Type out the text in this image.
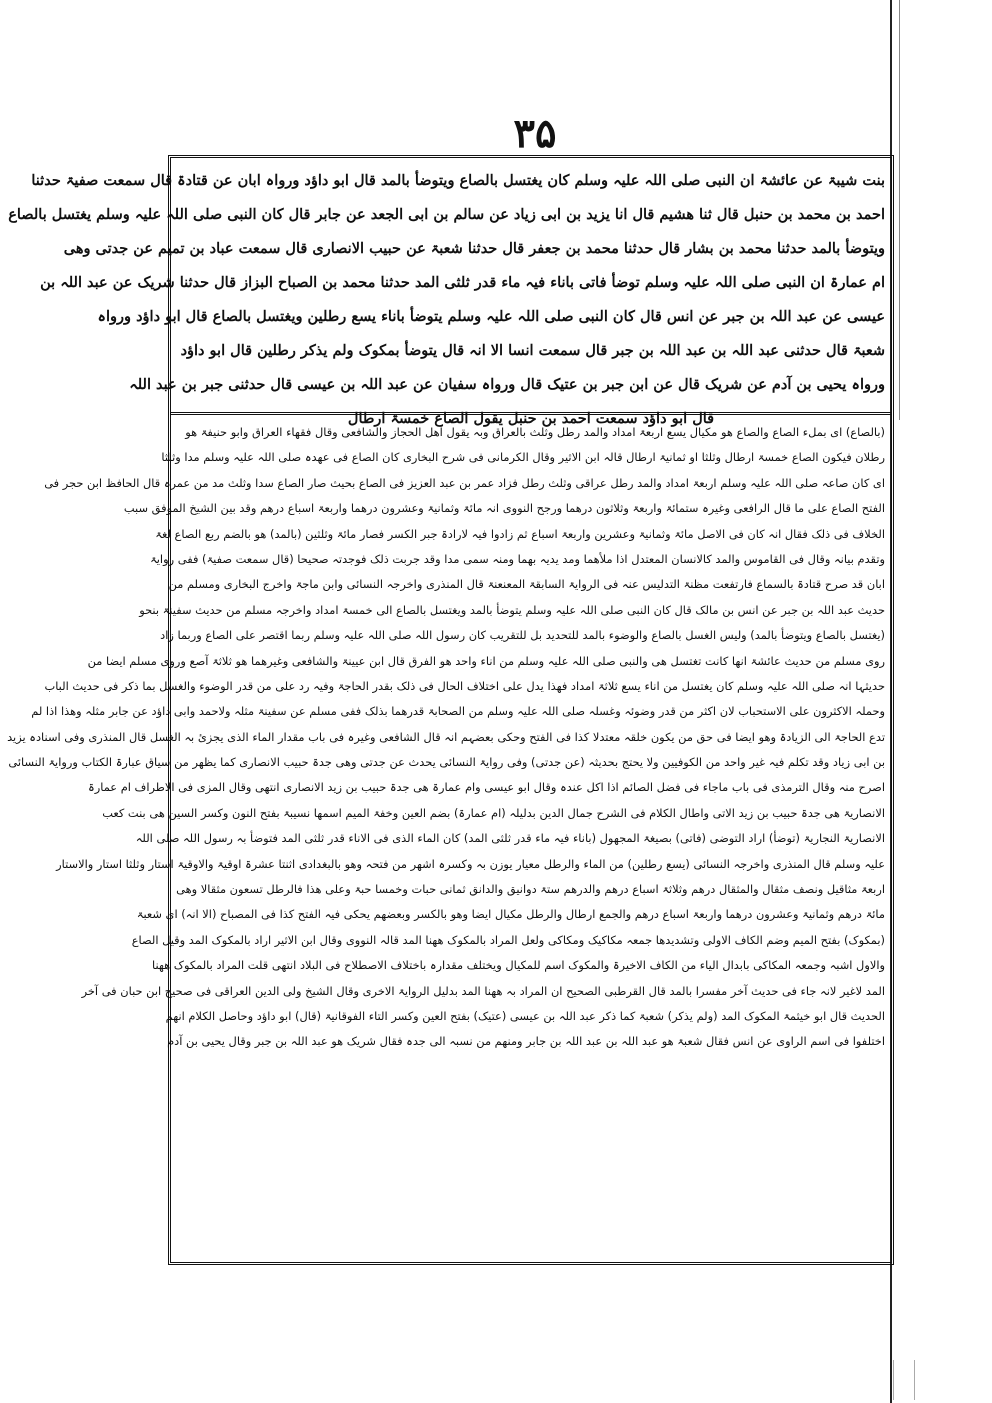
۳۵
بنت شیبۃ عن عائشۃ ان النبی صلی اللہ علیہ وسلم کان یغتسل بالصاع ویتوضأ بالمد قال ابو داؤد ورواہ ابان عن قتادۃ قال سمعت صفیۃ حدثنا
احمد بن محمد بن حنبل قال ثنا ھشیم قال انا یزید بن ابی زیاد عن سالم بن ابی الجعد عن جابر قال کان النبی صلی اللہ علیہ وسلم یغتسل بالصاع
ویتوضأ بالمد حدثنا محمد بن بشار قال حدثنا محمد بن جعفر قال حدثنا شعبۃ عن حبیب الانصاری قال سمعت عباد بن تمیم عن جدتی وھی
ام عمارۃ ان النبی صلی اللہ علیہ وسلم توضأ فاتی باناء فیہ ماء قدر ثلثی المد حدثنا محمد بن الصباح البزاز قال حدثنا شریک عن عبد اللہ بن
عیسی عن عبد اللہ بن جبر عن انس قال کان النبی صلی اللہ علیہ وسلم یتوضأ باناء یسع رطلین ویغتسل بالصاع قال ابو داؤد ورواہ
شعبۃ قال حدثنی عبد اللہ بن عبد اللہ بن جبر قال سمعت انسا الا انہ قال یتوضأ بمکوک ولم یذکر رطلین قال ابو داؤد
ورواہ یحیی بن آدم عن شریک قال عن ابن جبر بن عتیک قال ورواہ سفیان عن عبد اللہ بن عیسی قال حدثنی جبر بن عبد اللہ
قال ابو داؤد سمعت احمد بن حنبل یقول الصاع خمسۃ ارطال
(بالصاع) ای بملء الصاع والصاع ھو مکیال یسع اربعۃ امداد والمد رطل وثلث بالعراق وبہ یقول اھل الحجاز والشافعی وقال فقھاء العراق وابو حنیفۃ ھو
رطلان فیکون الصاع خمسۃ ارطال وثلثا او ثمانیۃ ارطال قالہ ابن الاثیر وقال الکرمانی فی شرح البخاری کان الصاع فی عھدہ صلی اللہ علیہ وسلم مدا وثلثا
ای کان صاعہ صلی اللہ علیہ وسلم اربعۃ امداد والمد رطل عراقی وثلث رطل فزاد عمر بن عبد العزیز فی الصاع بحیث صار الصاع سدا وثلث مد من عمرہ قال الحافظ ابن حجر فی
الفتح الصاع علی ما قال الرافعی وغیرہ ستمائۃ واربعۃ وثلاثون درھما ورجح النووی انہ مائۃ وثمانیۃ وعشرون درھما واربعۃ اسباع درھم وقد بین الشیخ الموفق سبب
الخلاف فی ذلک فقال انہ کان فی الاصل مائۃ وثمانیۃ وعشرین واربعۃ اسباع ثم زادوا فیہ لارادۃ جبر الکسر فصار مائۃ وثلثین (بالمد) ھو بالضم ربع الصاع لغۃ
وتقدم بیانہ وقال فی القاموس والمد کالانسان المعتدل اذا ملأھما ومد یدیہ بھما ومنہ سمی مدا وقد جربت ذلک فوجدتہ صحیحا (قال سمعت صفیۃ) ففی روایۃ
ابان قد صرح قتادۃ بالسماع فارتفعت مظنۃ التدلیس عنہ فی الروایۃ السابقۃ المعنعنۃ قال المنذری واخرجہ النسائی وابن ماجۃ واخرج البخاری ومسلم من
حدیث عبد اللہ بن جبر عن انس بن مالک قال کان النبی صلی اللہ علیہ وسلم یتوضأ بالمد ویغتسل بالصاع الی خمسۃ امداد واخرجہ مسلم من حدیث سفینۃ بنحو
(یغتسل بالصاع ویتوضأ بالمد) ولیس الغسل بالصاع والوضوء بالمد للتحدید بل للتقریب کان رسول اللہ صلی اللہ علیہ وسلم ربما اقتصر علی الصاع وربما زاد
روی مسلم من حدیث عائشۃ انھا کانت تغتسل ھی والنبی صلی اللہ علیہ وسلم من اناء واحد ھو الفرق قال ابن عیینۃ والشافعی وغیرھما ھو ثلاثۃ آصع وروی مسلم ایضا من
حدیثہا انہ صلی اللہ علیہ وسلم کان یغتسل من اناء یسع ثلاثۃ امداد فھذا یدل علی اختلاف الحال فی ذلک بقدر الحاجۃ وفیہ رد علی من قدر الوضوء والغسل بما ذکر فی حدیث الباب
وحملہ الاکثرون علی الاستحباب لان اکثر من قدر وضوئہ وغسلہ صلی اللہ علیہ وسلم من الصحابۃ قدرھما بذلک ففی مسلم عن سفینۃ مثلہ ولاحمد وابی داؤد عن جابر مثلہ وھذا اذا لم
تدع الحاجۃ الی الزیادۃ وھو ایضا فی حق من یکون خلقہ معتدلا کذا فی الفتح وحکی بعضہم انہ قال الشافعی وغیرہ فی باب مقدار الماء الذی یجزئ بہ الغسل قال المنذری وفی اسنادہ یزید
بن ابی زیاد وقد تکلم فیہ غیر واحد من الکوفیین ولا یحتج بحدیثہ (عن جدتی) وفی روایۃ النسائی یحدث عن جدتی وھی جدۃ حبیب الانصاری کما یظھر من سیاق عبارۃ الکتاب وروایۃ النسائی
اصرح منہ وقال الترمذی فی باب ماجاء فی فضل الصائم اذا اکل عندہ وقال ابو عیسی وام عمارۃ ھی جدۃ حبیب بن زید الانصاری انتھی وقال المزی فی الاطراف ام عمارۃ
الانصاریۃ ھی جدۃ حبیب بن زید الاتی واطال الکلام فی الشرح جمال الدین بدلیلہ (ام عمارۃ) بضم العین وخفۃ المیم اسمھا نسیبۃ بفتح النون وکسر السین ھی بنت کعب
الانصاریۃ النجاریۃ (توضأ) اراد التوضی (فاتی) بصیغۃ المجھول (باناء فیہ ماء قدر ثلثی المد) کان الماء الذی فی الاناء قدر ثلثی المد فتوضأ بہ رسول اللہ صلی اللہ
علیہ وسلم قال المنذری واخرجہ النسائی (یسع رطلین) من الماء والرطل معیار یوزن بہ وکسرہ اشھر من فتحہ وھو بالبغدادی اثنتا عشرۃ اوقیۃ والاوقیۃ استار وثلثا استار والاستار
اربعۃ مثاقیل ونصف مثقال والمثقال درھم وثلاثۃ اسباع درھم والدرھم ستۃ دوانیق والدانق ثمانی حبات وخمسا حبۃ وعلی ھذا فالرطل تسعون مثقالا وھی
مائۃ درھم وثمانیۃ وعشرون درھما واربعۃ اسباع درھم والجمع ارطال والرطل مکیال ایضا وھو بالکسر وبعضھم یحکی فیہ الفتح کذا فی المصباح (الا انہ) ای شعبۃ
(بمکوک) بفتح المیم وضم الکاف الاولی وتشدیدھا جمعہ مکاکیک ومکاکی ولعل المراد بالمکوک ھھنا المد قالہ النووی وقال ابن الاثیر اراد بالمکوک المد وقیل الصاع
والاول اشبہ وجمعہ المکاکی بابدال الیاء من الکاف الاخیرۃ والمکوک اسم للمکیال ویختلف مقدارہ باختلاف الاصطلاح فی البلاد انتھی قلت المراد بالمکوک ھھنا
المد لاغیر لانہ جاء فی حدیث آخر مفسرا بالمد قال القرطبی الصحیح ان المراد بہ ھھنا المد بدلیل الروایۃ الاخری وقال الشیخ ولی الدین العراقی فی صحیح ابن حبان فی آخر
الحدیث قال ابو خیثمۃ المکوک المد (ولم یذکر) شعبۃ کما ذکر عبد اللہ بن عیسی (عتیک) بفتح العین وکسر التاء الفوقانیۃ (قال) ابو داؤد وحاصل الکلام انھم
اختلفوا فی اسم الراوی عن انس فقال شعبۃ ھو عبد اللہ بن عبد اللہ بن جابر ومنھم من نسبہ الی جدہ فقال شریک ھو عبد اللہ بن جبر وقال یحیی بن آدم
